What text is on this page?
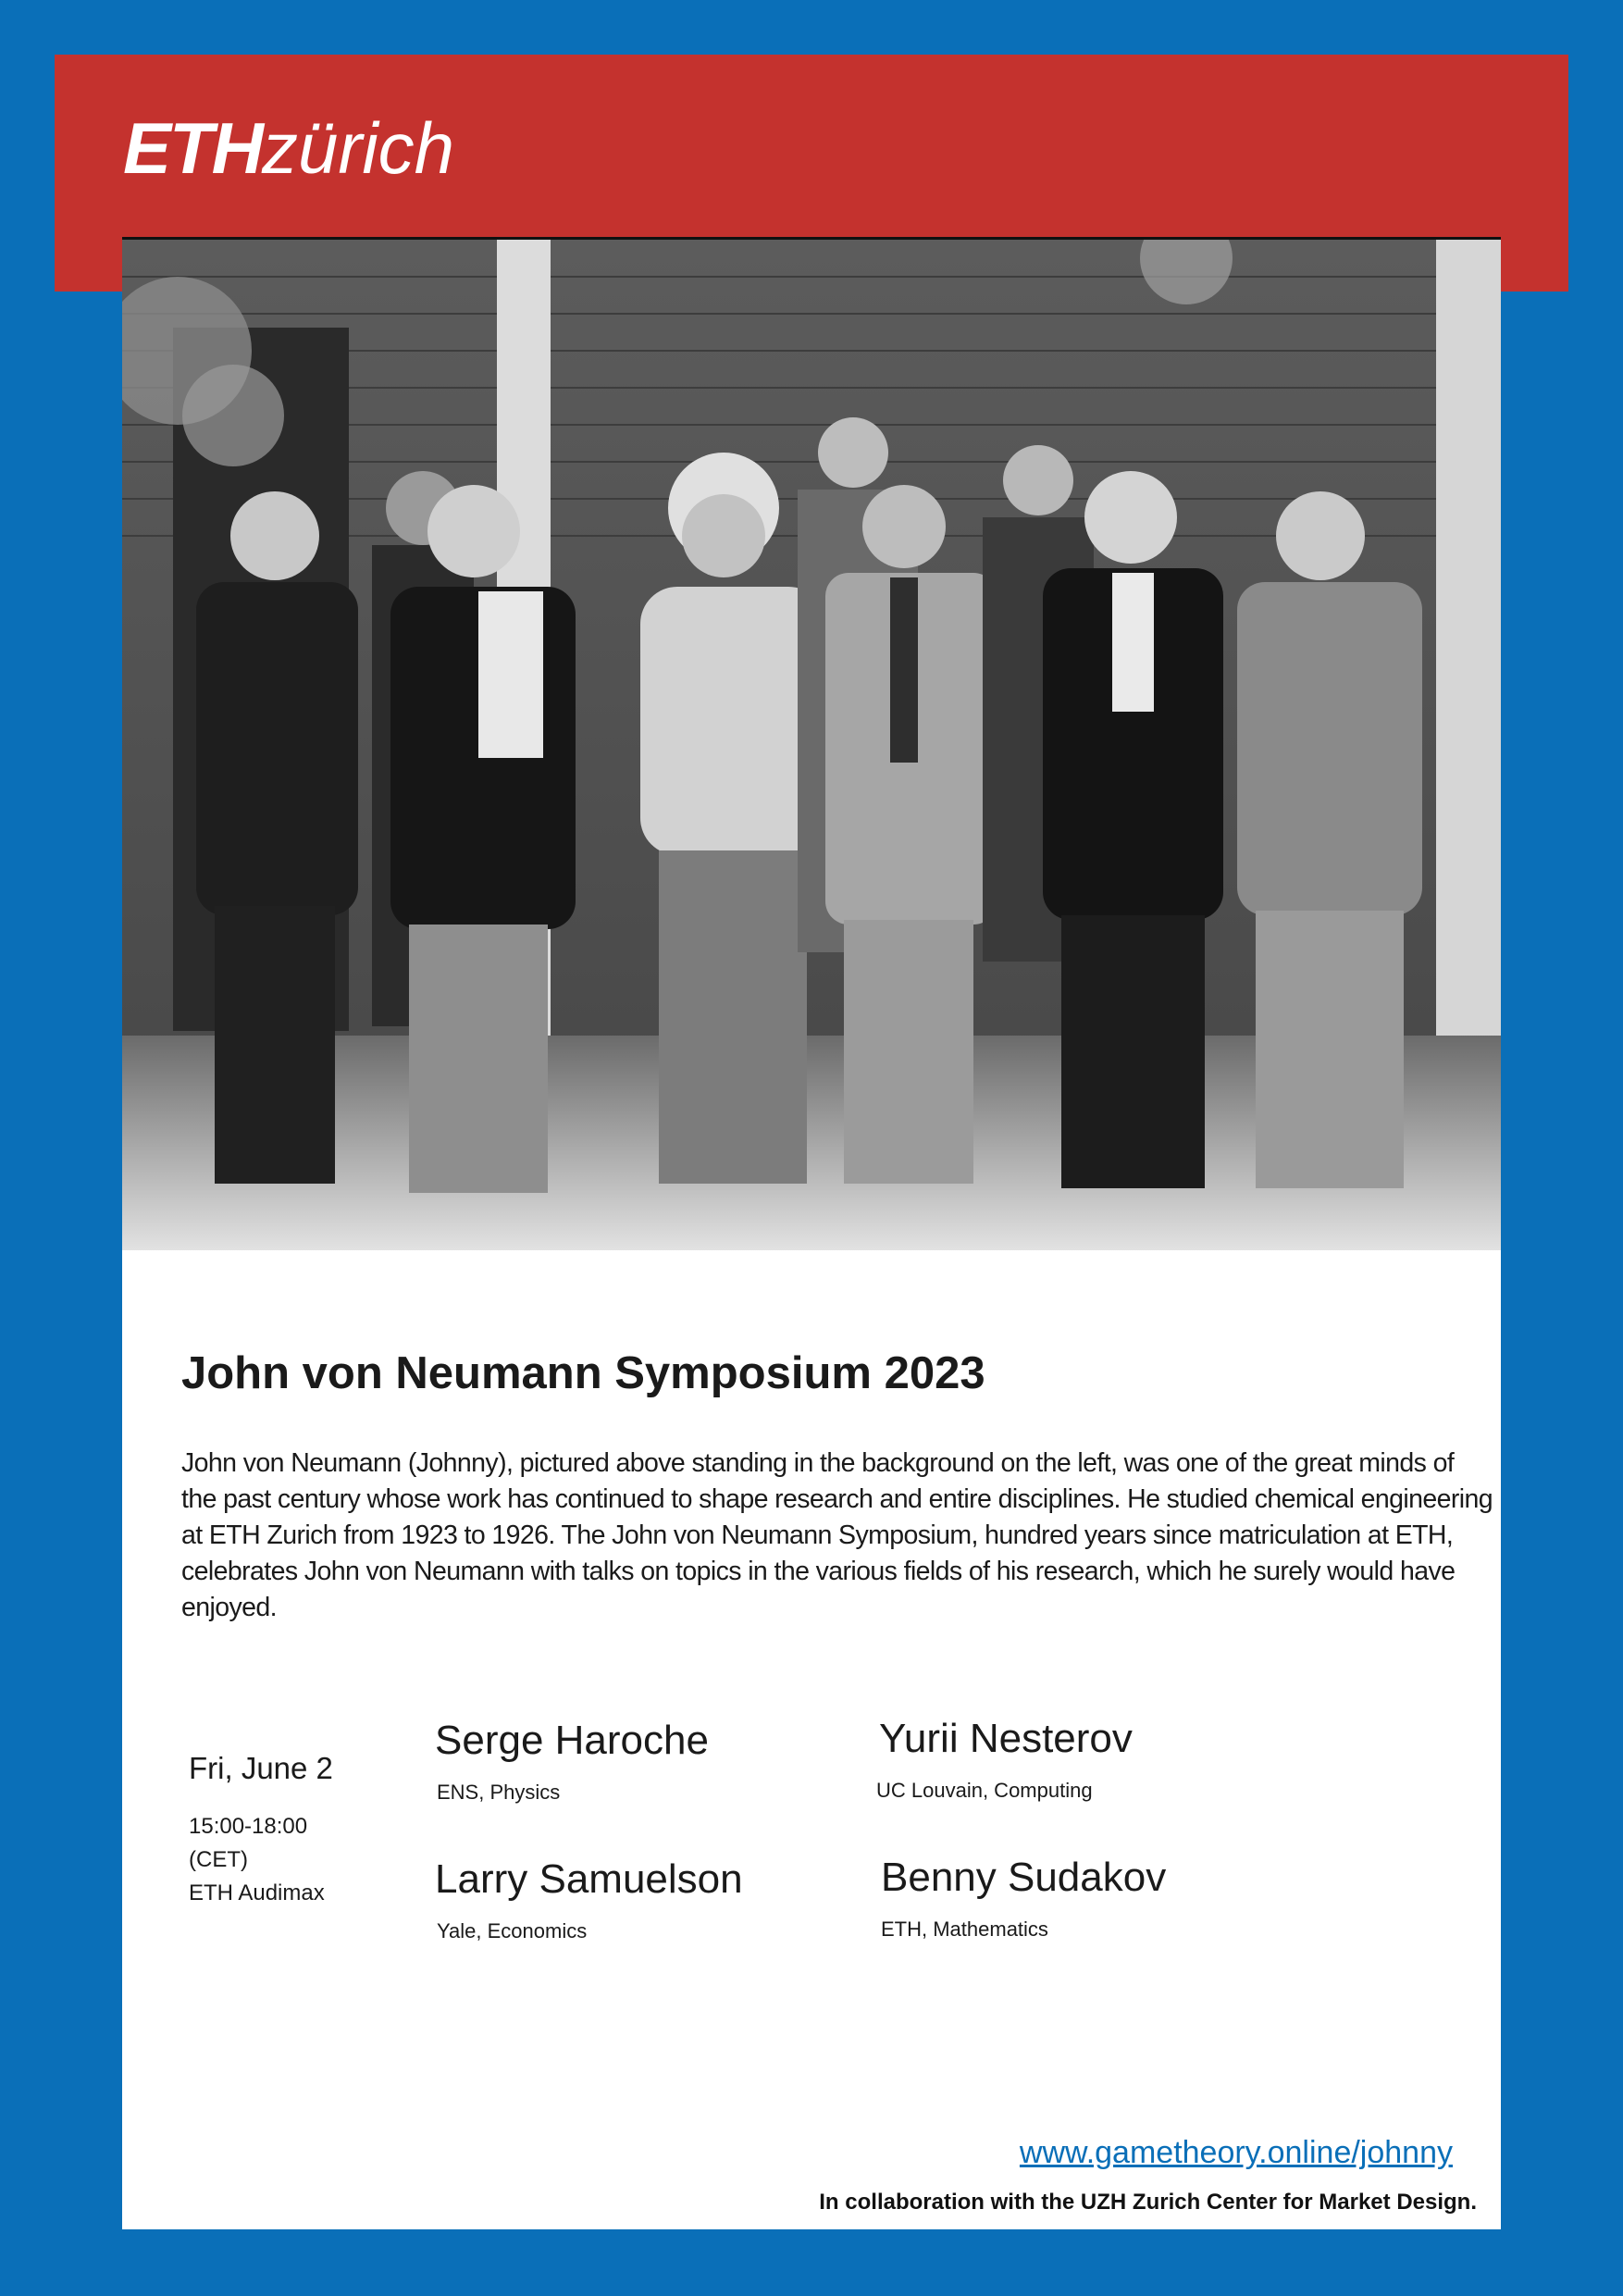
ETHzürich
John von Neumann Symposium 2023
John von Neumann (Johnny), pictured above standing in the background on the left, was one of the great minds of the past century whose work has continued to shape research and entire disciplines. He studied chemical engineering at ETH Zurich from 1923 to 1926. The John von Neumann Symposium, hundred years since matriculation at ETH, celebrates John von Neumann with talks on topics in the various fields of his research, which he surely would have enjoyed.
Fri, June 2
15:00-18:00
(CET)
ETH Audimax
Serge Haroche
ENS, Physics
Yurii Nesterov
UC Louvain, Computing
Larry Samuelson
Yale, Economics
Benny Sudakov
ETH, Mathematics
www.gametheory.online/johnny
In collaboration with the UZH Zurich Center for Market Design.
